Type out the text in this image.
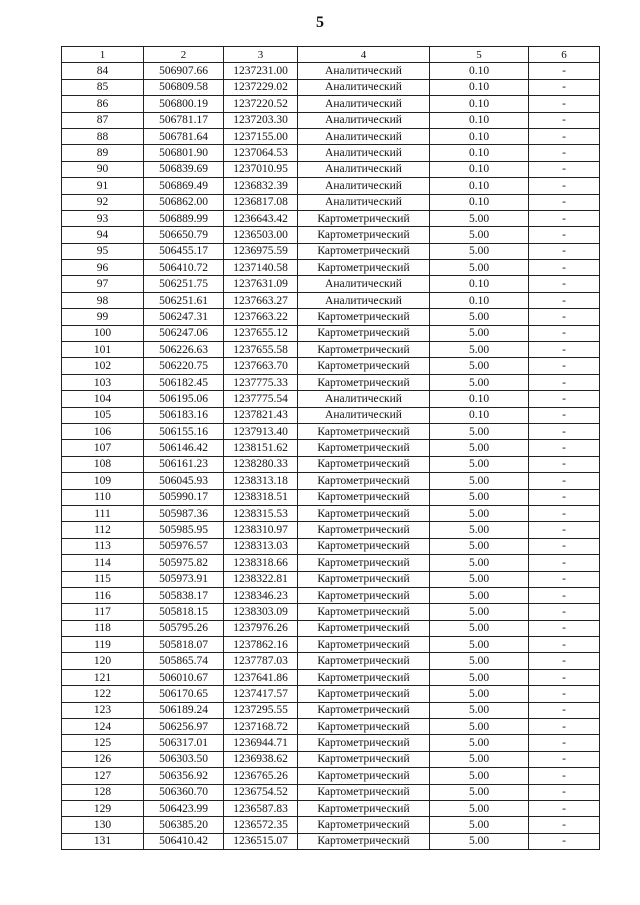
5
1	2	3	4	5	6
84	506907.66	1237231.00	Аналитический	0.10	-
85	506809.58	1237229.02	Аналитический	0.10	-
86	506800.19	1237220.52	Аналитический	0.10	-
87	506781.17	1237203.30	Аналитический	0.10	-
88	506781.64	1237155.00	Аналитический	0.10	-
89	506801.90	1237064.53	Аналитический	0.10	-
90	506839.69	1237010.95	Аналитический	0.10	-
91	506869.49	1236832.39	Аналитический	0.10	-
92	506862.00	1236817.08	Аналитический	0.10	-
93	506889.99	1236643.42	Картометрический	5.00	-
94	506650.79	1236503.00	Картометрический	5.00	-
95	506455.17	1236975.59	Картометрический	5.00	-
96	506410.72	1237140.58	Картометрический	5.00	-
97	506251.75	1237631.09	Аналитический	0.10	-
98	506251.61	1237663.27	Аналитический	0.10	-
99	506247.31	1237663.22	Картометрический	5.00	-
100	506247.06	1237655.12	Картометрический	5.00	-
101	506226.63	1237655.58	Картометрический	5.00	-
102	506220.75	1237663.70	Картометрический	5.00	-
103	506182.45	1237775.33	Картометрический	5.00	-
104	506195.06	1237775.54	Аналитический	0.10	-
105	506183.16	1237821.43	Аналитический	0.10	-
106	506155.16	1237913.40	Картометрический	5.00	-
107	506146.42	1238151.62	Картометрический	5.00	-
108	506161.23	1238280.33	Картометрический	5.00	-
109	506045.93	1238313.18	Картометрический	5.00	-
110	505990.17	1238318.51	Картометрический	5.00	-
111	505987.36	1238315.53	Картометрический	5.00	-
112	505985.95	1238310.97	Картометрический	5.00	-
113	505976.57	1238313.03	Картометрический	5.00	-
114	505975.82	1238318.66	Картометрический	5.00	-
115	505973.91	1238322.81	Картометрический	5.00	-
116	505838.17	1238346.23	Картометрический	5.00	-
117	505818.15	1238303.09	Картометрический	5.00	-
118	505795.26	1237976.26	Картометрический	5.00	-
119	505818.07	1237862.16	Картометрический	5.00	-
120	505865.74	1237787.03	Картометрический	5.00	-
121	506010.67	1237641.86	Картометрический	5.00	-
122	506170.65	1237417.57	Картометрический	5.00	-
123	506189.24	1237295.55	Картометрический	5.00	-
124	506256.97	1237168.72	Картометрический	5.00	-
125	506317.01	1236944.71	Картометрический	5.00	-
126	506303.50	1236938.62	Картометрический	5.00	-
127	506356.92	1236765.26	Картометрический	5.00	-
128	506360.70	1236754.52	Картометрический	5.00	-
129	506423.99	1236587.83	Картометрический	5.00	-
130	506385.20	1236572.35	Картометрический	5.00	-
131	506410.42	1236515.07	Картометрический	5.00	-
